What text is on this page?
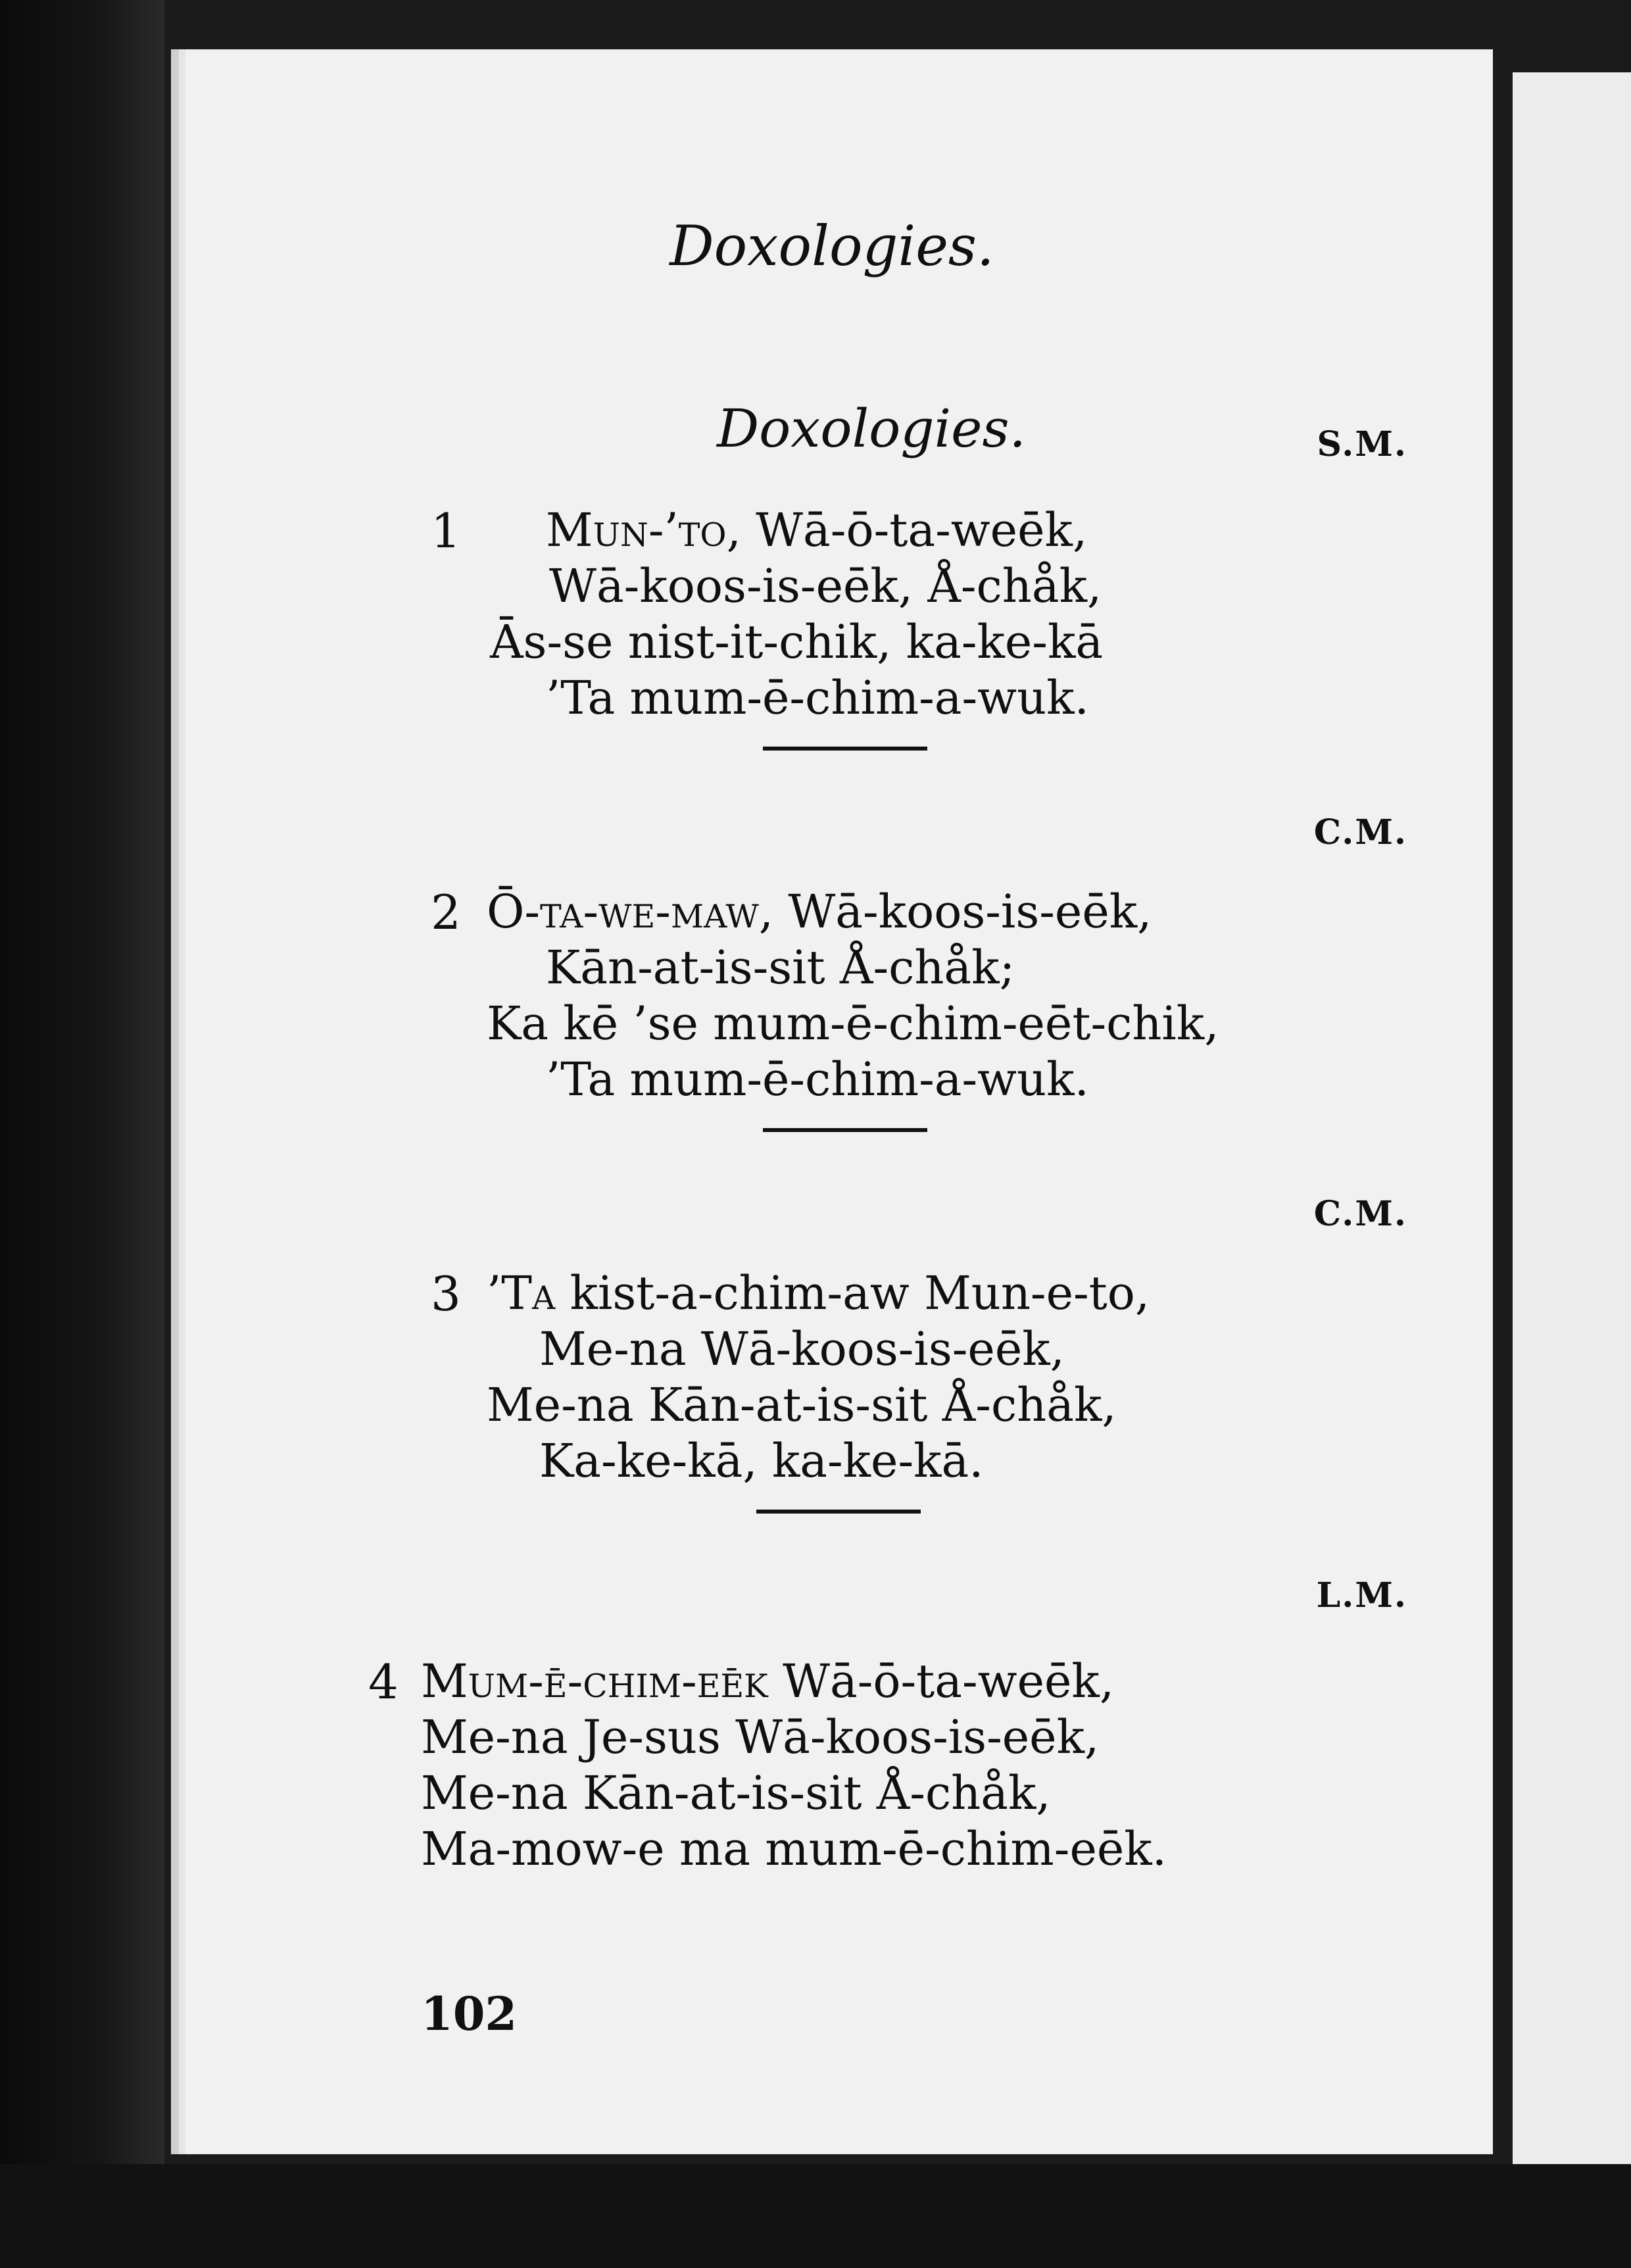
Doxologies.
Doxologies.	S.M.
1 Mun-’to, Wā-ō-ta-weēk,
Wā-koos-is-eēk, Å-chåk,
Ās-se nist-it-chik, ka-ke-kā
’Ta mum-ē-chim-a-wuk.
C.M.
2 Ō-ta-we-maw, Wā-koos-is-eēk,
Kān-at-is-sit Å-chåk;
Ka kē ’se mum-ē-chim-eēt-chik,
’Ta mum-ē-chim-a-wuk.
C.M.
3 ’Ta kist-a-chim-aw Mun-e-to,
Me-na Wā-koos-is-eēk,
Me-na Kān-at-is-sit Å-chåk,
Ka-ke-kā, ka-ke-kā.
L.M.
4 Mum-ē-chim-eēk Wā-ō-ta-weēk,
Me-na Je-sus Wā-koos-is-eēk,
Me-na Kān-at-is-sit Å-chåk,
Ma-mow-e ma mum-ē-chim-eēk.
102
